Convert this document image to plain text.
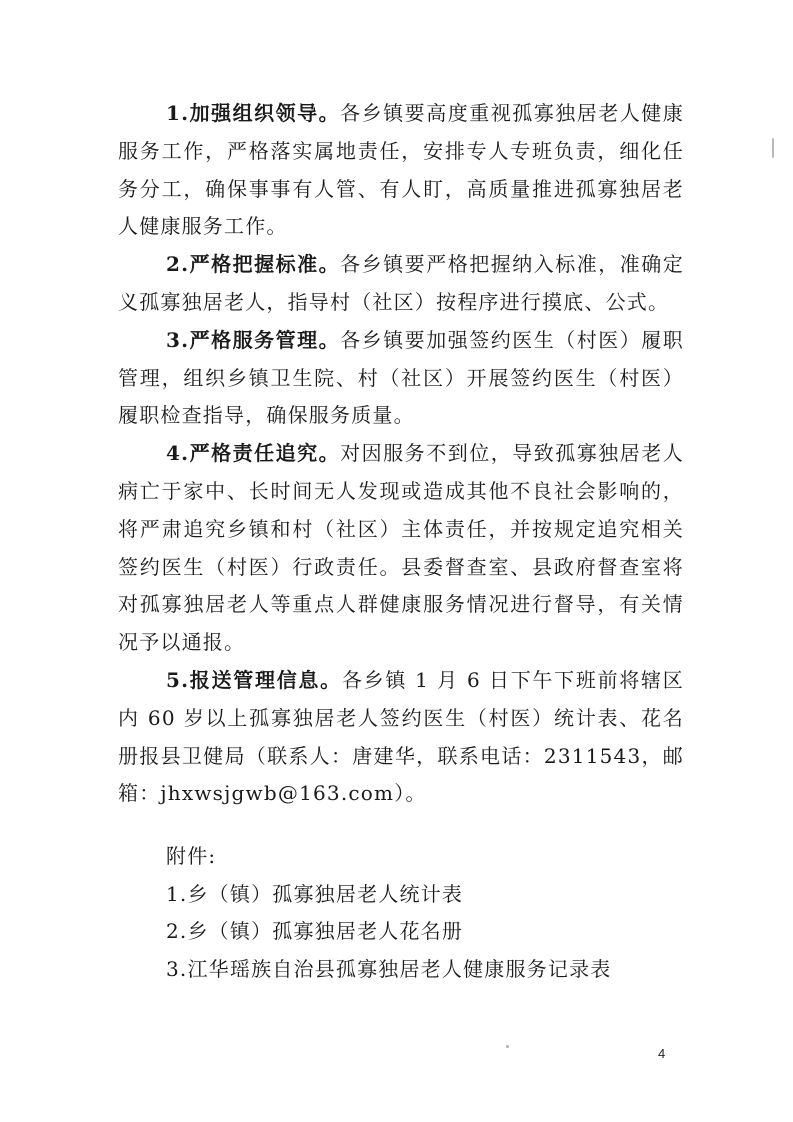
1.加强组织领导。各乡镇要高度重视孤寡独居老人健康服务工作，严格落实属地责任，安排专人专班负责，细化任务分工，确保事事有人管、有人盯，高质量推进孤寡独居老人健康服务工作。

2.严格把握标准。各乡镇要严格把握纳入标准，准确定义孤寡独居老人，指导村（社区）按程序进行摸底、公式。

3.严格服务管理。各乡镇要加强签约医生（村医）履职管理，组织乡镇卫生院、村（社区）开展签约医生（村医）履职检查指导，确保服务质量。

4.严格责任追究。对因服务不到位，导致孤寡独居老人病亡于家中、长时间无人发现或造成其他不良社会影响的，将严肃追究乡镇和村（社区）主体责任，并按规定追究相关签约医生（村医）行政责任。县委督查室、县政府督查室将对孤寡独居老人等重点人群健康服务情况进行督导，有关情况予以通报。

5.报送管理信息。各乡镇 1 月 6 日下午下班前将辖区内 60 岁以上孤寡独居老人签约医生（村医）统计表、花名册报县卫健局（联系人：唐建华，联系电话：2311543，邮箱：jhxwsjgwb@163.com）。

附件:
1.乡（镇）孤寡独居老人统计表
2.乡（镇）孤寡独居老人花名册
3.江华瑶族自治县孤寡独居老人健康服务记录表
4
